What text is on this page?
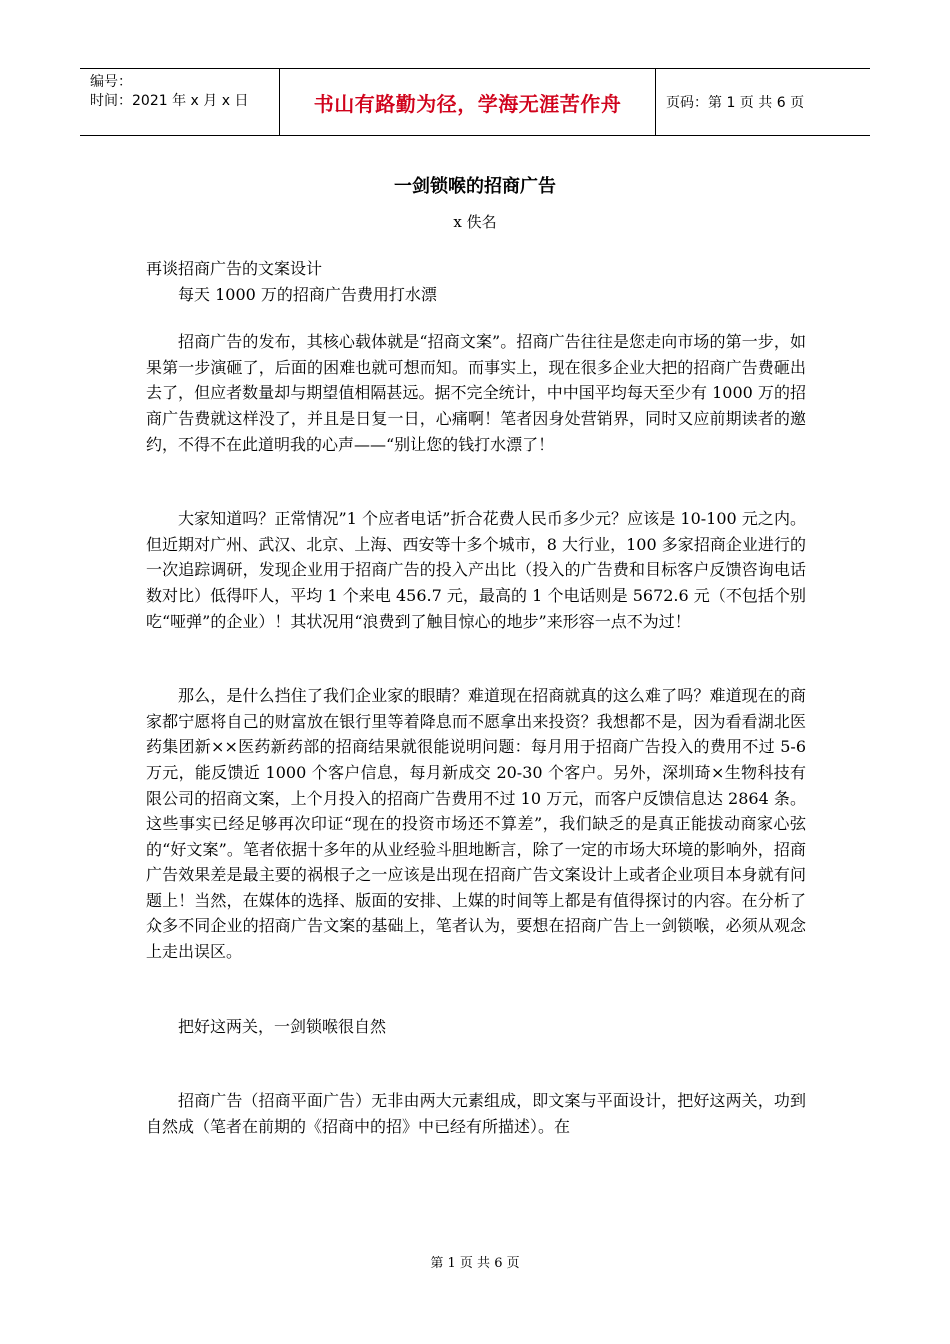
编号：
时间：2021 年 x 月 x 日	书山有路勤为径，学海无涯苦作舟	页码：第 1 页 共 6 页
一剑锁喉的招商广告
x 佚名

再谈招商广告的文案设计

每天 1000 万的招商广告费用打水漂

招商广告的发布，其核心载体就是“招商文案”。招商广告往往是您走向市场的第一步，如果第一步演砸了，后面的困难也就可想而知。而事实上，现在很多企业大把的招商广告费砸出去了，但应者数量却与期望值相隔甚远。据不完全统计，中中国平均每天至少有 1000 万的招商广告费就这样没了，并且是日复一日，心痛啊！笔者因身处营销界，同时又应前期读者的邀约，不得不在此道明我的心声——“别让您的钱打水漂了！

大家知道吗？正常情况”1 个应者电话”折合花费人民币多少元？应该是 10-100 元之内。但近期对广州、武汉、北京、上海、西安等十多个城市，8 大行业，100 多家招商企业进行的一次追踪调研，发现企业用于招商广告的投入产出比（投入的广告费和目标客户反馈咨询电话数对比）低得吓人，平均 1 个来电 456.7 元，最高的 1 个电话则是 5672.6 元（不包括个别吃“哑弹”的企业）！其状况用“浪费到了触目惊心的地步”来形容一点不为过！

那么，是什么挡住了我们企业家的眼睛？难道现在招商就真的这么难了吗？难道现在的商家都宁愿将自己的财富放在银行里等着降息而不愿拿出来投资？我想都不是，因为看看湖北医药集团新××医药新药部的招商结果就很能说明问题：每月用于招商广告投入的费用不过 5-6 万元，能反馈近 1000 个客户信息，每月新成交 20-30 个客户。另外，深圳琦×生物科技有限公司的招商文案，上个月投入的招商广告费用不过 10 万元，而客户反馈信息达 2864 条。这些事实已经足够再次印证“现在的投资市场还不算差”，我们缺乏的是真正能拔动商家心弦的“好文案”。笔者依据十多年的从业经验斗胆地断言，除了一定的市场大环境的影响外，招商广告效果差是最主要的祸根子之一应该是出现在招商广告文案设计上或者企业项目本身就有问题上！当然，在媒体的选择、版面的安排、上媒的时间等上都是有值得探讨的内容。在分析了众多不同企业的招商广告文案的基础上，笔者认为，要想在招商广告上一剑锁喉，必须从观念上走出误区。

把好这两关，一剑锁喉很自然

招商广告（招商平面广告）无非由两大元素组成，即文案与平面设计，把好这两关，功到自然成（笔者在前期的《招商中的招》中已经有所描述）。在

第 1 页 共 6 页
